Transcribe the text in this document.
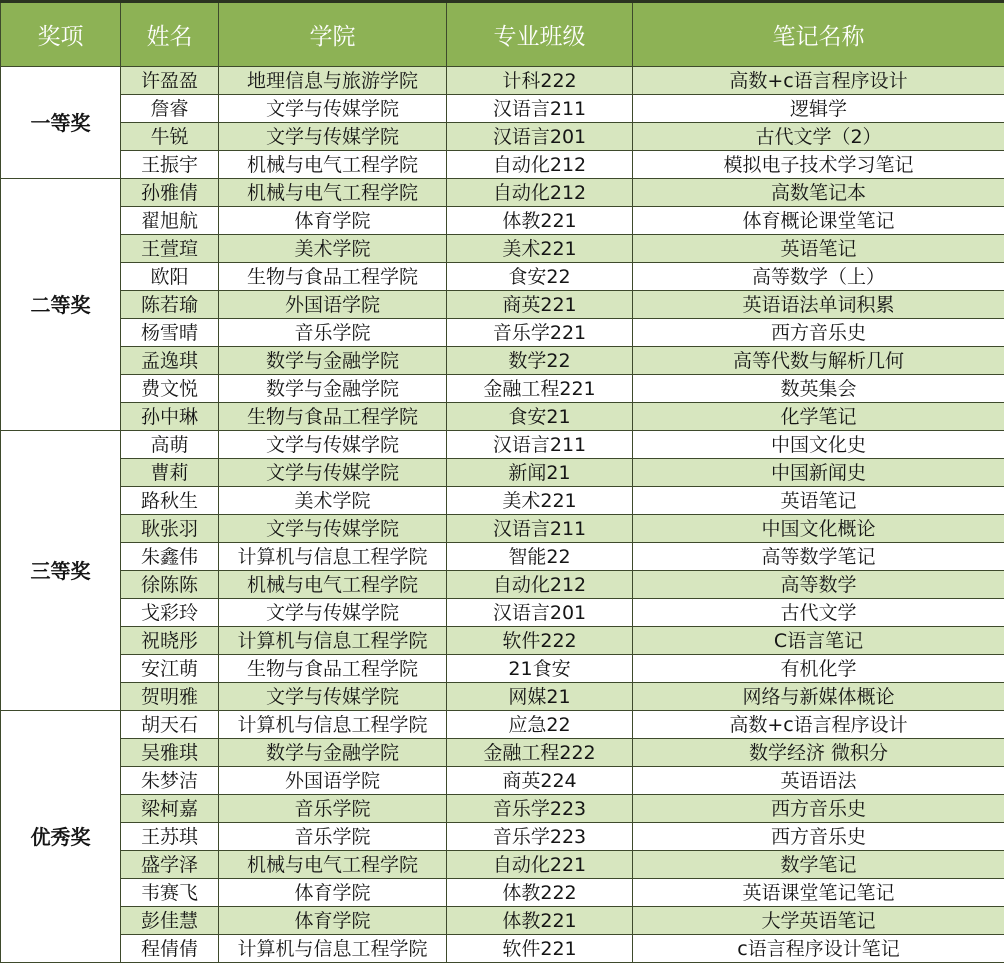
奖项	姓名	学院	专业班级	笔记名称
一等奖	许盈盈	地理信息与旅游学院	计科222	高数+c语言程序设计
	詹睿	文学与传媒学院	汉语言211	逻辑学
	牛锐	文学与传媒学院	汉语言201	古代文学（2）
	王振宇	机械与电气工程学院	自动化212	模拟电子技术学习笔记
二等奖	孙雅倩	机械与电气工程学院	自动化212	高数笔记本
	翟旭航	体育学院	体教221	体育概论课堂笔记
	王萱瑄	美术学院	美术221	英语笔记
	欧阳	生物与食品工程学院	食安22	高等数学（上）
	陈若瑜	外国语学院	商英221	英语语法单词积累
	杨雪晴	音乐学院	音乐学221	西方音乐史
	孟逸琪	数学与金融学院	数学22	高等代数与解析几何
	费文悦	数学与金融学院	金融工程221	数英集会
	孙中琳	生物与食品工程学院	食安21	化学笔记
三等奖	高萌	文学与传媒学院	汉语言211	中国文化史
	曹莉	文学与传媒学院	新闻21	中国新闻史
	路秋生	美术学院	美术221	英语笔记
	耿张羽	文学与传媒学院	汉语言211	中国文化概论
	朱鑫伟	计算机与信息工程学院	智能22	高等数学笔记
	徐陈陈	机械与电气工程学院	自动化212	高等数学
	戈彩玲	文学与传媒学院	汉语言201	古代文学
	祝晓彤	计算机与信息工程学院	软件222	C语言笔记
	安江萌	生物与食品工程学院	21食安	有机化学
	贺明雅	文学与传媒学院	网媒21	网络与新媒体概论
优秀奖	胡天石	计算机与信息工程学院	应急22	高数+c语言程序设计
	吴雅琪	数学与金融学院	金融工程222	数学经济 微积分
	朱梦洁	外国语学院	商英224	英语语法
	梁柯嘉	音乐学院	音乐学223	西方音乐史
	王苏琪	音乐学院	音乐学223	西方音乐史
	盛学泽	机械与电气工程学院	自动化221	数学笔记
	韦赛飞	体育学院	体教222	英语课堂笔记笔记
	彭佳慧	体育学院	体教221	大学英语笔记
	程倩倩	计算机与信息工程学院	软件221	c语言程序设计笔记
